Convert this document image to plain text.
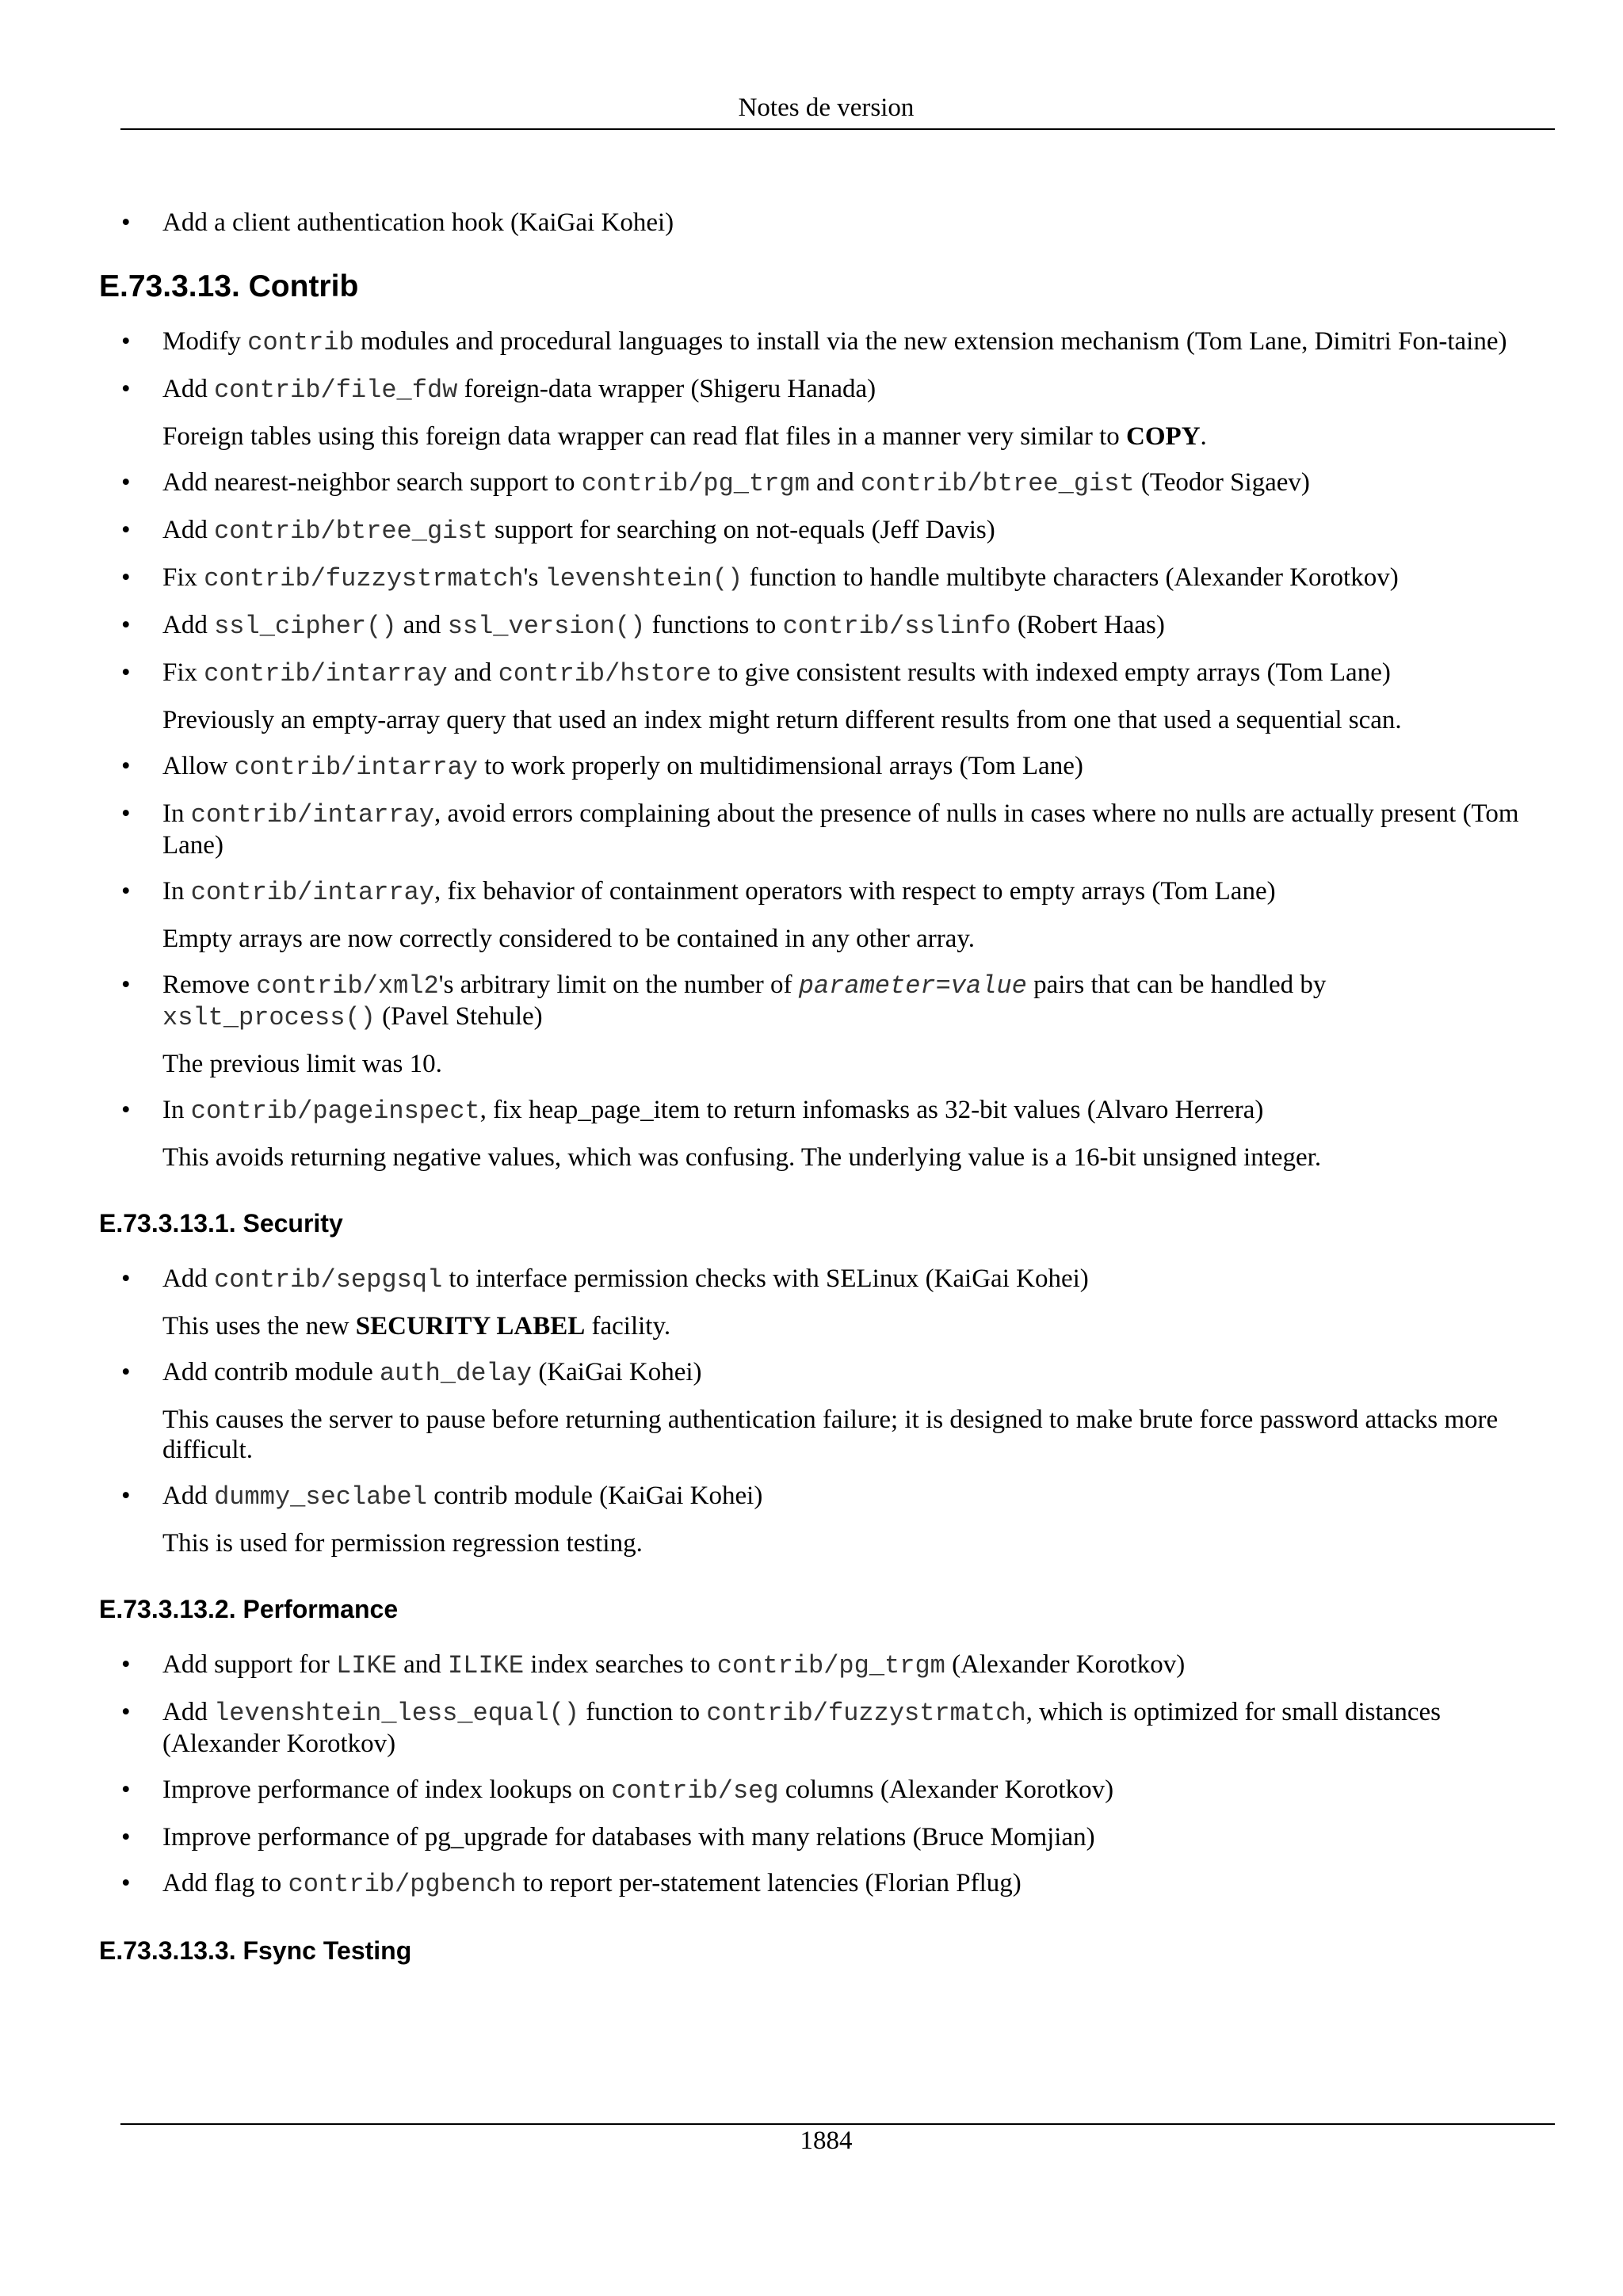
Notes de version
• Add a client authentication hook (KaiGai Kohei)
E.73.3.13. Contrib
• Modify contrib modules and procedural languages to install via the new extension mechanism (Tom Lane, Dimitri Fon-taine)
• Add contrib/file_fdw foreign-data wrapper (Shigeru Hanada)
Foreign tables using this foreign data wrapper can read flat files in a manner very similar to COPY.
• Add nearest-neighbor search support to contrib/pg_trgm and contrib/btree_gist (Teodor Sigaev)
• Add contrib/btree_gist support for searching on not-equals (Jeff Davis)
• Fix contrib/fuzzystrmatch's levenshtein() function to handle multibyte characters (Alexander Korotkov)
• Add ssl_cipher() and ssl_version() functions to contrib/sslinfo (Robert Haas)
• Fix contrib/intarray and contrib/hstore to give consistent results with indexed empty arrays (Tom Lane)
Previously an empty-array query that used an index might return different results from one that used a sequential scan.
• Allow contrib/intarray to work properly on multidimensional arrays (Tom Lane)
• In contrib/intarray, avoid errors complaining about the presence of nulls in cases where no nulls are actually present (Tom Lane)
• In contrib/intarray, fix behavior of containment operators with respect to empty arrays (Tom Lane)
Empty arrays are now correctly considered to be contained in any other array.
• Remove contrib/xml2's arbitrary limit on the number of parameter=value pairs that can be handled by xslt_process() (Pavel Stehule)
The previous limit was 10.
• In contrib/pageinspect, fix heap_page_item to return infomasks as 32-bit values (Alvaro Herrera)
This avoids returning negative values, which was confusing. The underlying value is a 16-bit unsigned integer.
E.73.3.13.1. Security
• Add contrib/sepgsql to interface permission checks with SELinux (KaiGai Kohei)
This uses the new SECURITY LABEL facility.
• Add contrib module auth_delay (KaiGai Kohei)
This causes the server to pause before returning authentication failure; it is designed to make brute force password attacks more difficult.
• Add dummy_seclabel contrib module (KaiGai Kohei)
This is used for permission regression testing.
E.73.3.13.2. Performance
• Add support for LIKE and ILIKE index searches to contrib/pg_trgm (Alexander Korotkov)
• Add levenshtein_less_equal() function to contrib/fuzzystrmatch, which is optimized for small distances (Alexander Korotkov)
• Improve performance of index lookups on contrib/seg columns (Alexander Korotkov)
• Improve performance of pg_upgrade for databases with many relations (Bruce Momjian)
• Add flag to contrib/pgbench to report per-statement latencies (Florian Pflug)
E.73.3.13.3. Fsync Testing
1884
